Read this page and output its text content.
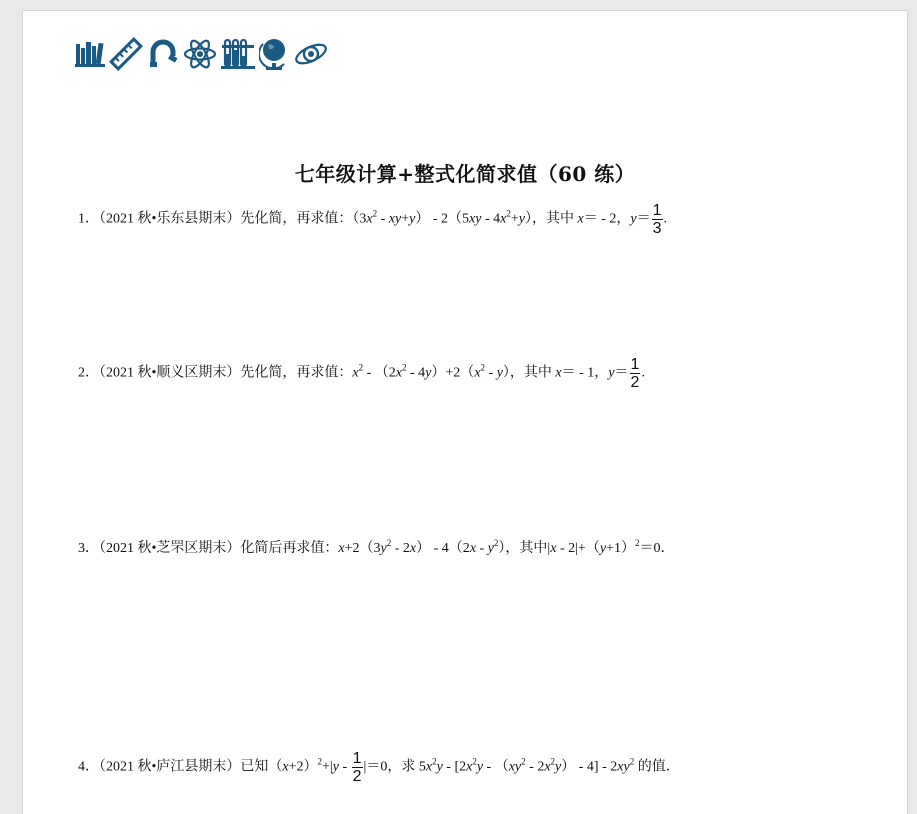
七年级计算+整式化简求值（60 练）
1．（2021 秋•乐东县期末）先化简，再求值：$(3x^2 - xy+y) - 2(5xy - 4x^2+y)$，其中 x＝ - 2，$y= \frac{1}{3}$ .
2．（2021 秋•顺义区期末）先化简，再求值：$x^2 - (2x^2 - 4y)+2(x^2 - y)$，其中 x＝ - 1，$y= \frac{1}{2}$ .
3．（2021 秋•芝罘区期末）化简后再求值：$x+2(3y^2 - 2x) - 4(2x - y^2)$，其中$|x - 2|+(y+1)^2=0$．
4．（2021 秋•庐江县期末）已知$(x+2)^2+|y - \frac{1}{2} |=0$，求 $5x^2y - [2x^2y - (xy^2 - 2x^2y) - 4] - 2xy^2$ 的值．
